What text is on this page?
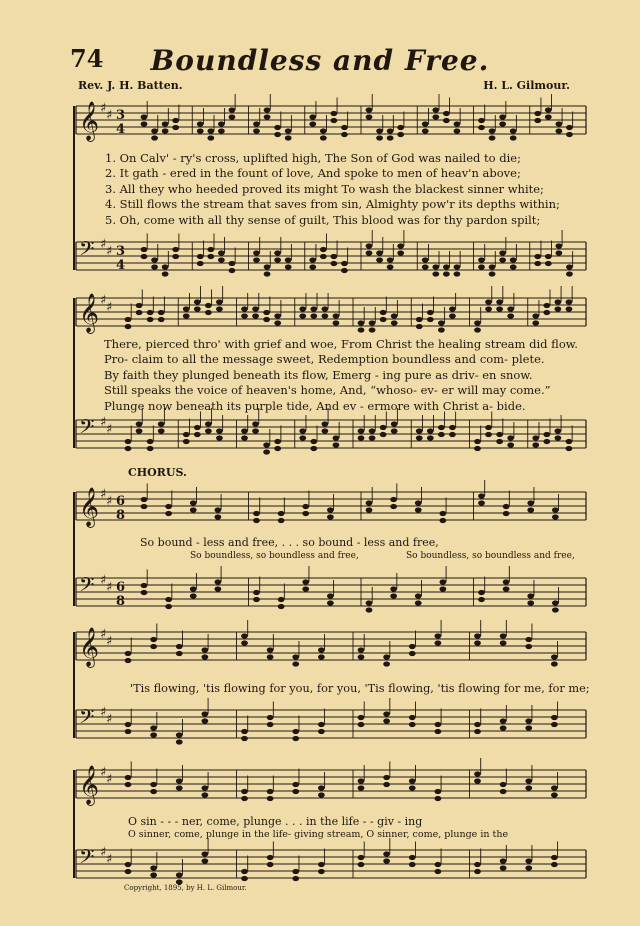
74	Boundless and Free.
Rev. J. H. Batten.	H. L. Gilmour.
𝄞 ♯ ♯ 3
4
𝄢 ♯ ♯ 3
4
1. On Calv' - ry's cross, uplifted high, The Son of God was nailed to die;
2. It gath - ered in the fount of love, And spoke to men of heav'n above;
3. All they who heeded proved its might To wash the blackest sinner white;
4. Still flows the stream that saves from sin, Almighty pow'r its depths within;
5. Oh, come with all thy sense of guilt, This blood was for thy pardon spilt;
𝄞 ♯ ♯
𝄢 ♯ ♯
There, pierced thro' with grief and woe, From Christ the healing stream did flow.
Pro- claim to all the message sweet, Redemption boundless and com- plete.
By faith they plunged beneath its flow, Emerg - ing pure as driv- en snow.
Still speaks the voice of heaven's home, And, “whoso- ev- er will may come.”
Plunge now beneath its purple tide, And ev - ermore with Christ a- bide.
CHORUS.
𝄞 ♯ ♯ 6
8
𝄢 ♯ ♯ 6
8
So bound - less and free, . . . so bound - less and free,
So boundless, so boundless and free,	So boundless, so boundless and free,
𝄞 ♯ ♯
𝄢 ♯ ♯
'Tis flowing, 'tis flowing for you, for you, 'Tis flowing, 'tis flowing for me, for me;
𝄞 ♯ ♯
𝄢 ♯ ♯
O sin - - - ner, come, plunge . . . in the life - - giv - ing
O sinner, come, plunge in the life- giving stream, O sinner, come, plunge in the
Copyright, 1895, by H. L. Gilmour.
